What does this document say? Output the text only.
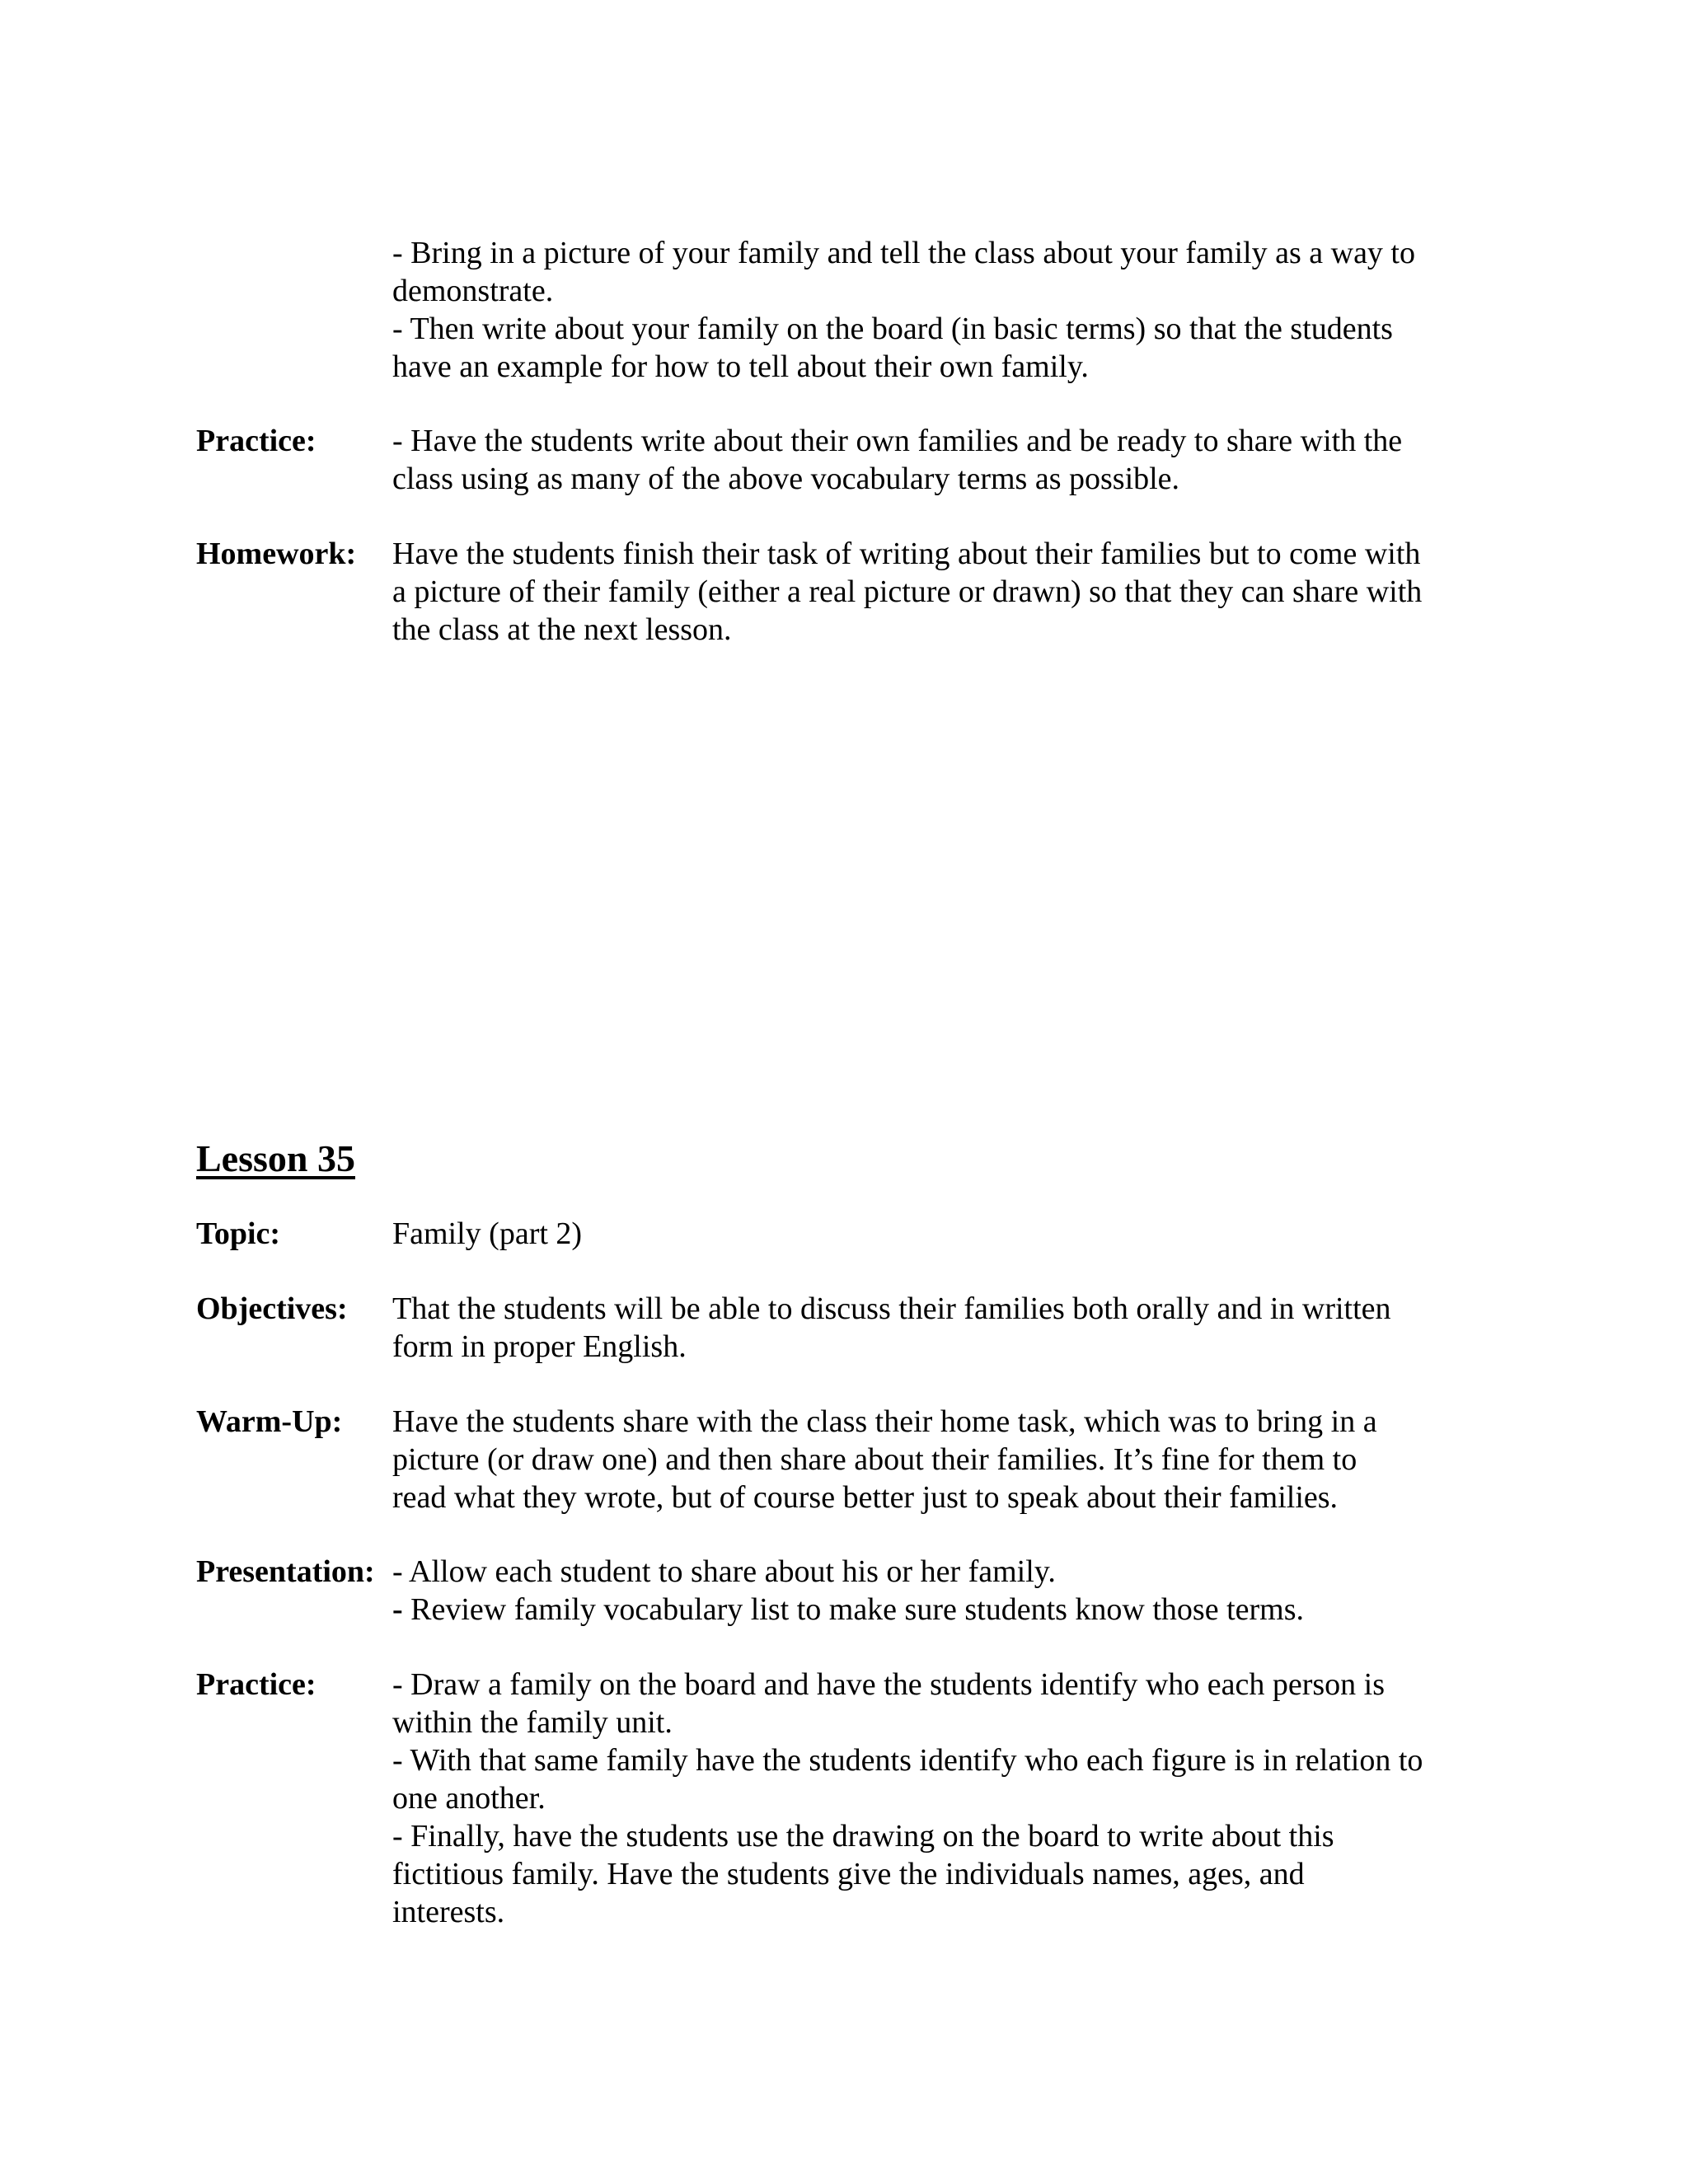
- Bring in a picture of your family and tell the class about your family as a way to
demonstrate.
- Then write about your family on the board (in basic terms) so that the students
have an example for how to tell about their own family.
Practice: - Have the students write about their own families and be ready to share with the
class using as many of the above vocabulary terms as possible.
Homework: Have the students finish their task of writing about their families but to come with
a picture of their family (either a real picture or drawn) so that they can share with
the class at the next lesson.
Lesson 35
Topic:	Family (part 2)
Objectives: That the students will be able to discuss their families both orally and in written
form in proper English.
Warm-Up: Have the students share with the class their home task, which was to bring in a
picture (or draw one) and then share about their families. It’s fine for them to
read what they wrote, but of course better just to speak about their families.
Presentation: - Allow each student to share about his or her family.
- Review family vocabulary list to make sure students know those terms.
Practice: - Draw a family on the board and have the students identify who each person is
within the family unit.
- With that same family have the students identify who each figure is in relation to
one another.
- Finally, have the students use the drawing on the board to write about this
fictitious family. Have the students give the individuals names, ages, and
interests.
